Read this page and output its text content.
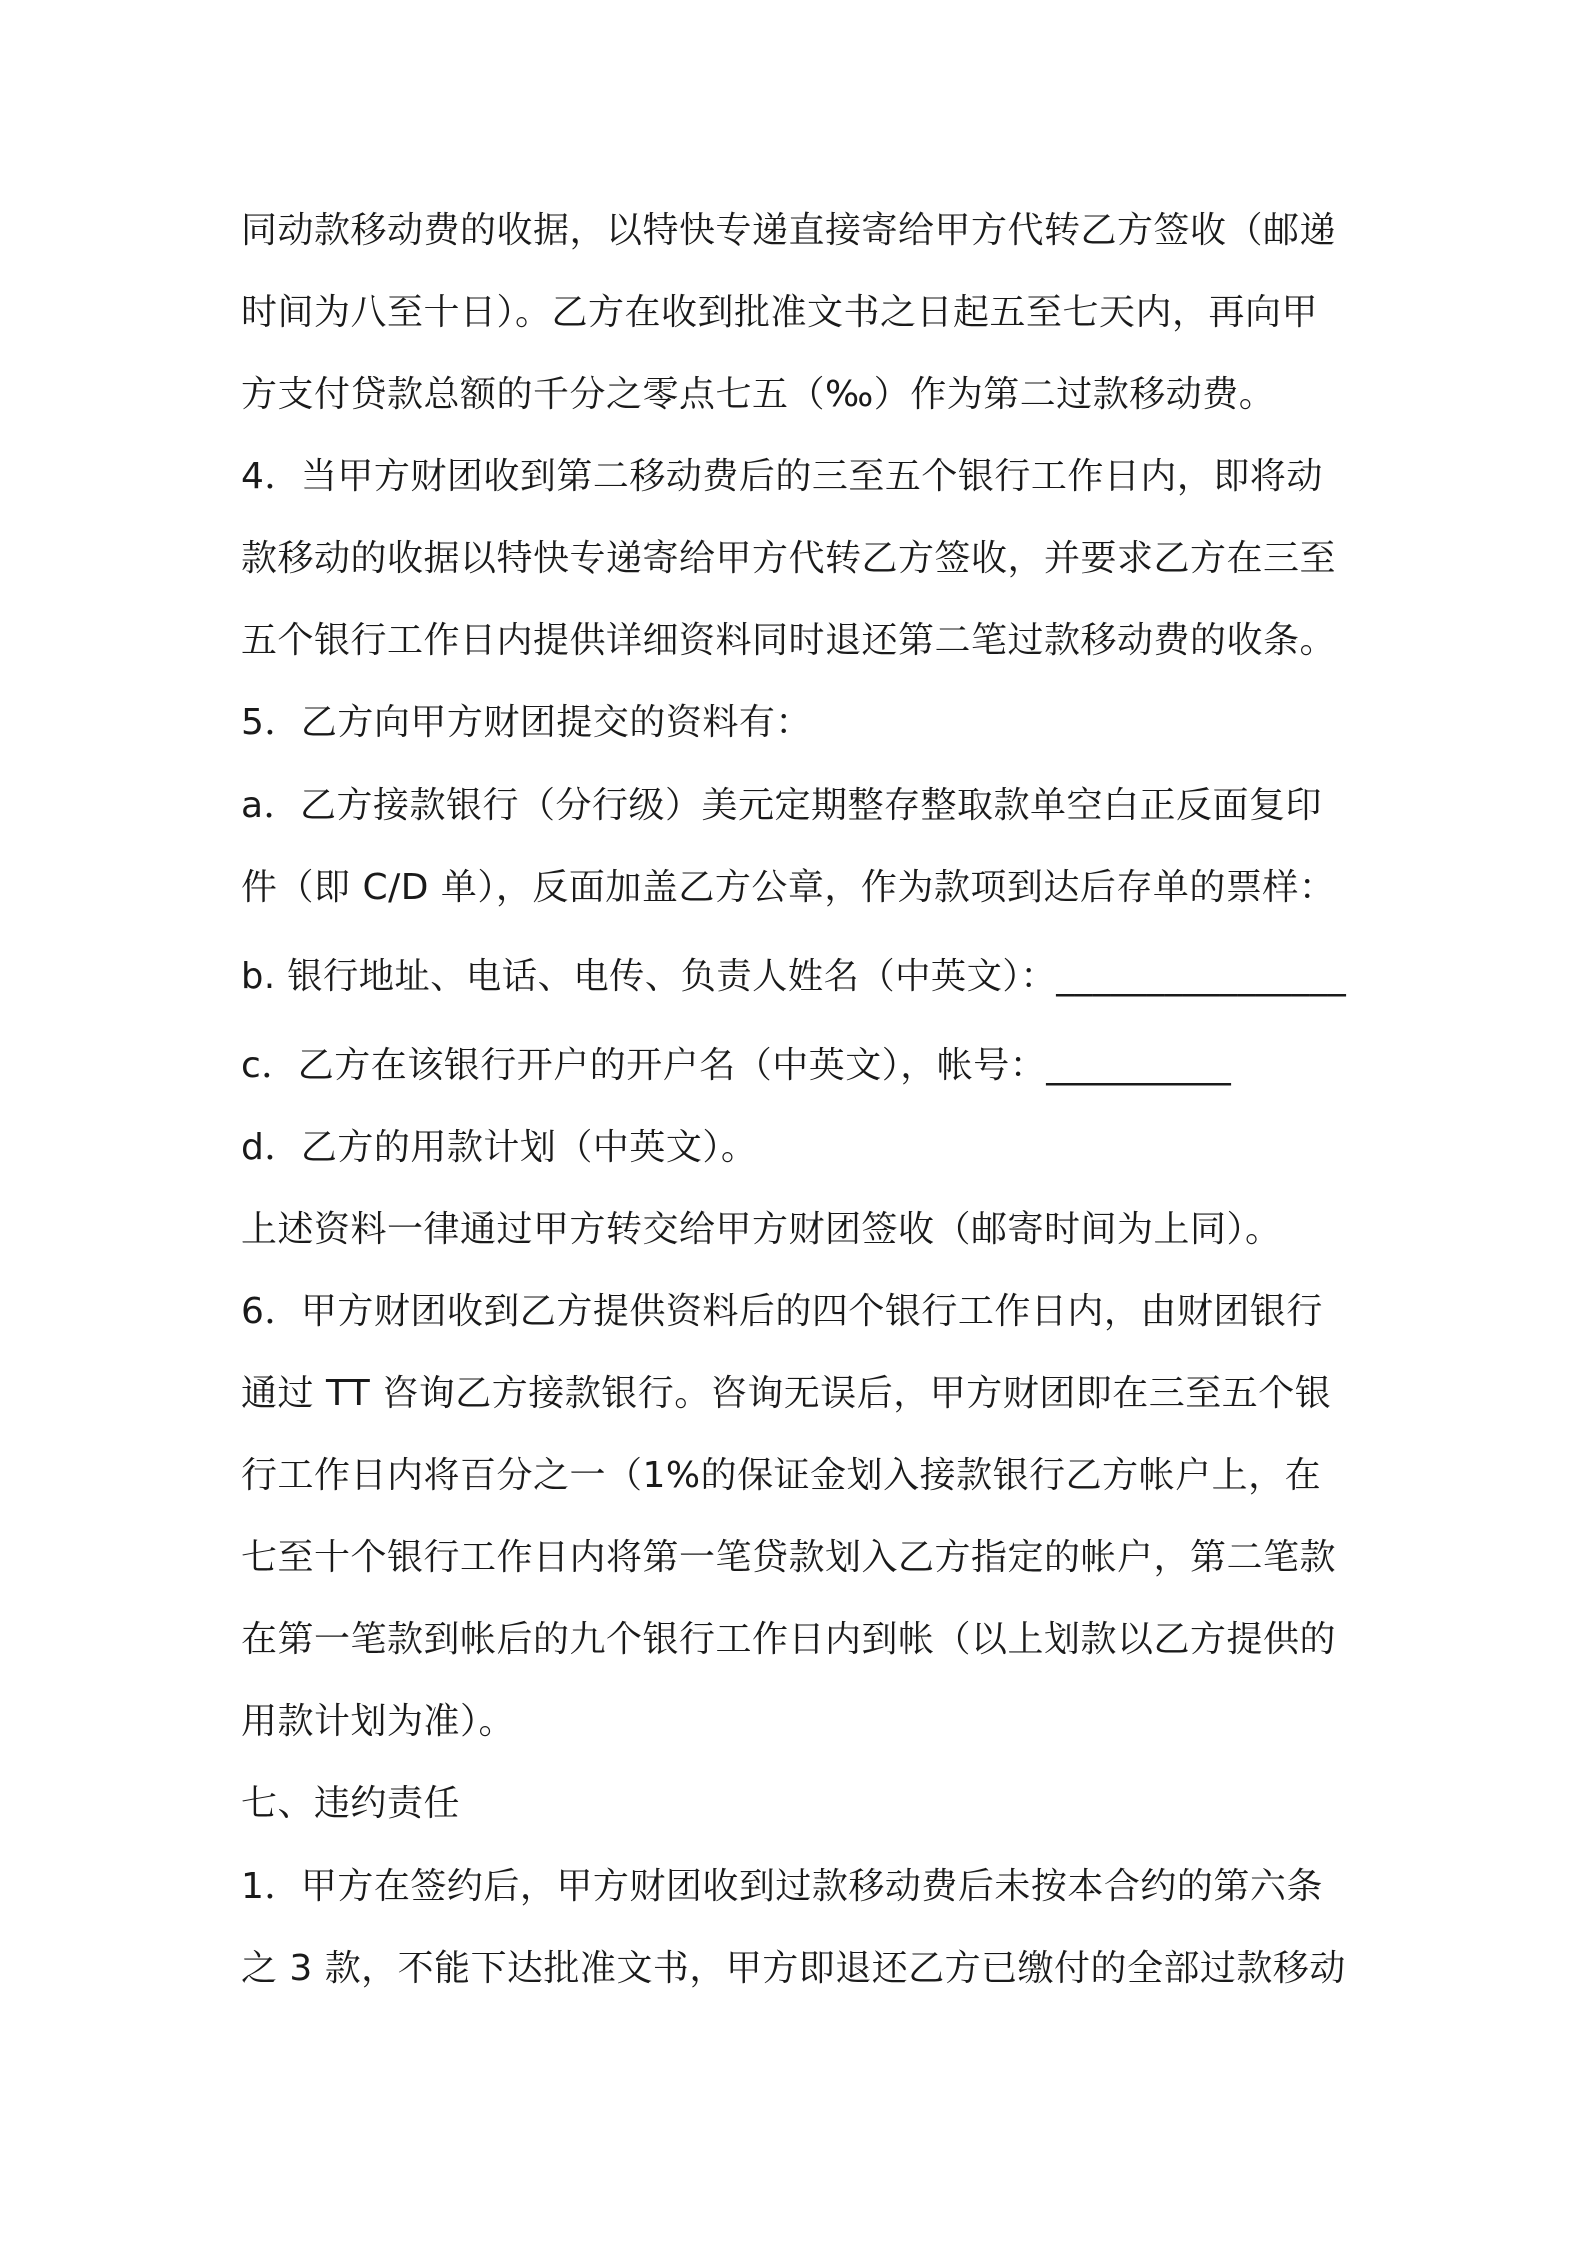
同动款移动费的收据，以特快专递直接寄给甲方代转乙方签收（邮递
时间为八至十日）。乙方在收到批准文书之日起五至七天内，再向甲
方支付贷款总额的千分之零点七五（‰）作为第二过款移动费。
4．当甲方财团收到第二移动费后的三至五个银行工作日内，即将动
款移动的收据以特快专递寄给甲方代转乙方签收，并要求乙方在三至
五个银行工作日内提供详细资料同时退还第二笔过款移动费的收条。
5．乙方向甲方财团提交的资料有：
a．乙方接款银行（分行级）美元定期整存整取款单空白正反面复印
件（即 C/D 单），反面加盖乙方公章，作为款项到达后存单的票样：
b. 银行地址、电话、电传、负责人姓名（中英文）：________________
c．乙方在该银行开户的开户名（中英文），帐号：__________
d．乙方的用款计划（中英文）。
上述资料一律通过甲方转交给甲方财团签收（邮寄时间为上同）。
6．甲方财团收到乙方提供资料后的四个银行工作日内，由财团银行
通过 TT 咨询乙方接款银行。咨询无误后，甲方财团即在三至五个银
行工作日内将百分之一（1%的保证金划入接款银行乙方帐户上，在
七至十个银行工作日内将第一笔贷款划入乙方指定的帐户，第二笔款
在第一笔款到帐后的九个银行工作日内到帐（以上划款以乙方提供的
用款计划为准）。
七、违约责任
1．甲方在签约后，甲方财团收到过款移动费后未按本合约的第六条
之 3 款，不能下达批准文书，甲方即退还乙方已缴付的全部过款移动
